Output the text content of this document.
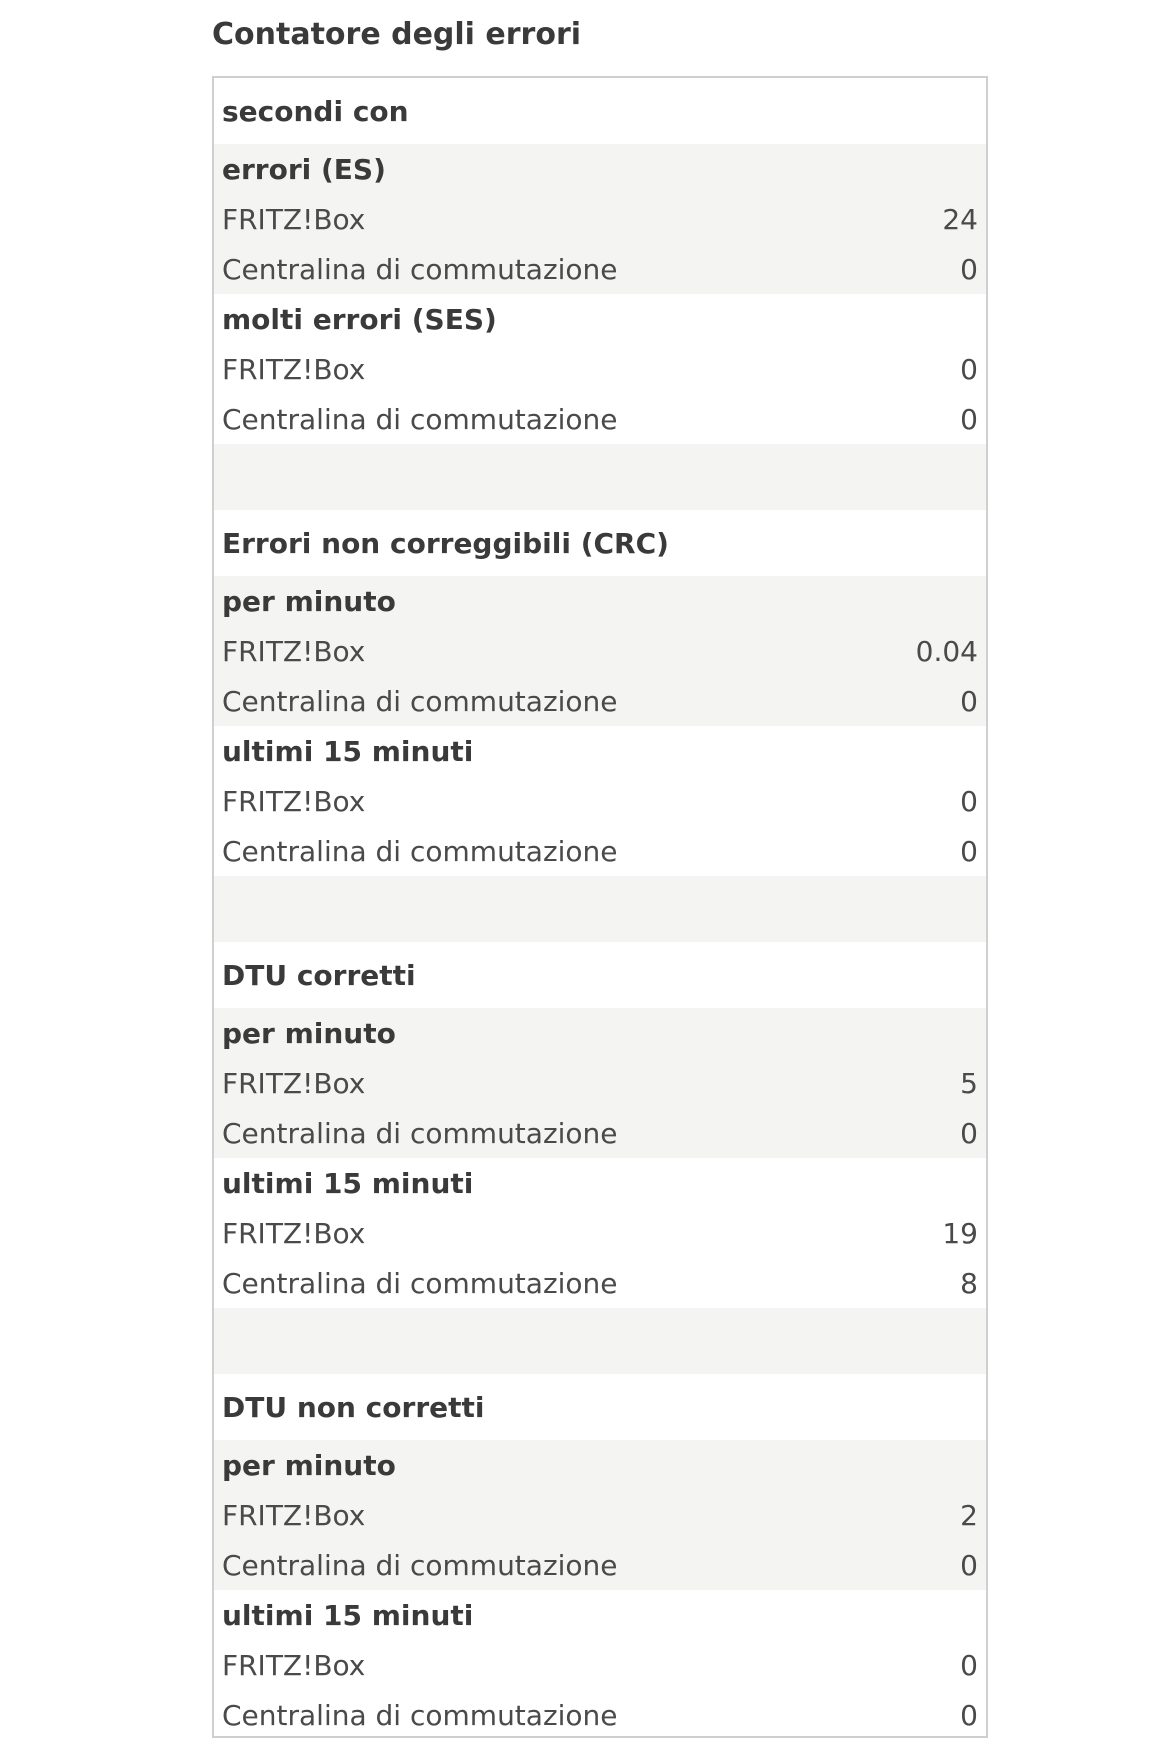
Contatore degli errori
secondi con
errori (ES)
FRITZ!Box	24
Centralina di commutazione	0
molti errori (SES)
FRITZ!Box	0
Centralina di commutazione	0
Errori non correggibili (CRC)
per minuto
FRITZ!Box	0.04
Centralina di commutazione	0
ultimi 15 minuti
FRITZ!Box	0
Centralina di commutazione	0
DTU corretti
per minuto
FRITZ!Box	5
Centralina di commutazione	0
ultimi 15 minuti
FRITZ!Box	19
Centralina di commutazione	8
DTU non corretti
per minuto
FRITZ!Box	2
Centralina di commutazione	0
ultimi 15 minuti
FRITZ!Box	0
Centralina di commutazione	0
